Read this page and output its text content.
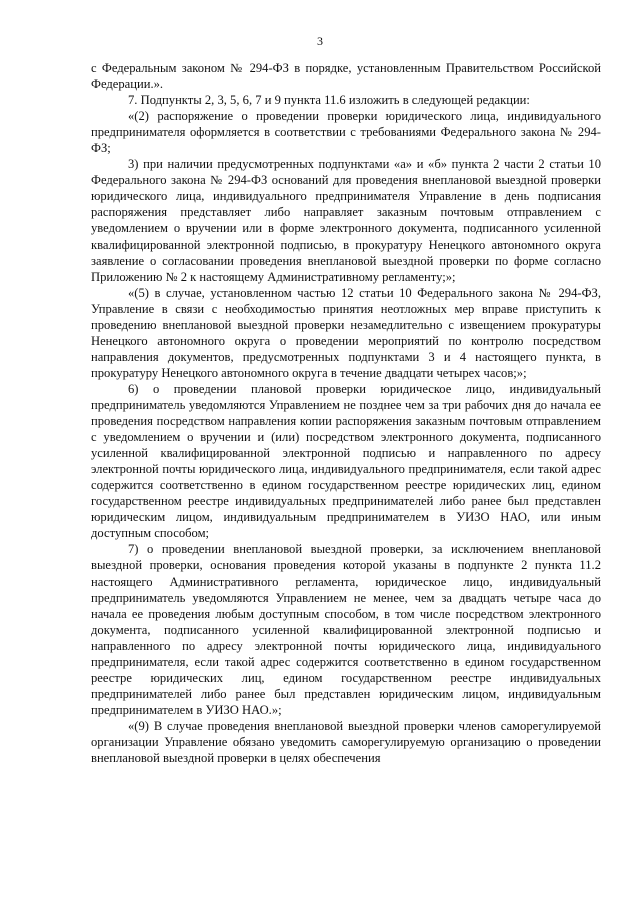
3

с Федеральным законом № 294-ФЗ в порядке, установленным Правительством Российской Федерации.».

7. Подпункты 2, 3, 5, 6, 7 и 9 пункта 11.6 изложить в следующей редакции:

«(2) распоряжение о проведении проверки юридического лица, индивидуального предпринимателя оформляется в соответствии с требованиями Федерального закона № 294-ФЗ;

3) при наличии предусмотренных подпунктами «а» и «б» пункта 2 части 2 статьи 10 Федерального закона № 294-ФЗ оснований для проведения внеплановой выездной проверки юридического лица, индивидуального предпринимателя Управление в день подписания распоряжения представляет либо направляет заказным почтовым отправлением с уведомлением о вручении или в форме электронного документа, подписанного усиленной квалифицированной электронной подписью, в прокуратуру Ненецкого автономного округа заявление о согласовании проведения внеплановой выездной проверки по форме согласно Приложению № 2 к настоящему Административному регламенту;»;

«(5) в случае, установленном частью 12 статьи 10 Федерального закона № 294-ФЗ, Управление в связи с необходимостью принятия неотложных мер вправе приступить к проведению внеплановой выездной проверки незамедлительно с извещением прокуратуры Ненецкого автономного округа о проведении мероприятий по контролю посредством направления документов, предусмотренных подпунктами 3 и 4 настоящего пункта, в прокуратуру Ненецкого автономного округа в течение двадцати четырех часов;»;

6) о проведении плановой проверки юридическое лицо, индивидуальный предприниматель уведомляются Управлением не позднее чем за три рабочих дня до начала ее проведения посредством направления копии распоряжения заказным почтовым отправлением с уведомлением о вручении и (или) посредством электронного документа, подписанного усиленной квалифицированной электронной подписью и направленного по адресу электронной почты юридического лица, индивидуального предпринимателя, если такой адрес содержится соответственно в едином государственном реестре юридических лиц, едином государственном реестре индивидуальных предпринимателей либо ранее был представлен юридическим лицом, индивидуальным предпринимателем в УИЗО НАО, или иным доступным способом;

7) о проведении внеплановой выездной проверки, за исключением внеплановой выездной проверки, основания проведения которой указаны в подпункте 2 пункта 11.2 настоящего Административного регламента, юридическое лицо, индивидуальный предприниматель уведомляются Управлением не менее, чем за двадцать четыре часа до начала ее проведения любым доступным способом, в том числе посредством электронного документа, подписанного усиленной квалифицированной электронной подписью и направленного по адресу электронной почты юридического лица, индивидуального предпринимателя, если такой адрес содержится соответственно в едином государственном реестре юридических лиц, едином государственном реестре индивидуальных предпринимателей либо ранее был представлен юридическим лицом, индивидуальным предпринимателем в УИЗО НАО.»;

«(9) В случае проведения внеплановой выездной проверки членов саморегулируемой организации Управление обязано уведомить саморегулируемую организацию о проведении внеплановой выездной проверки в целях обеспечения
